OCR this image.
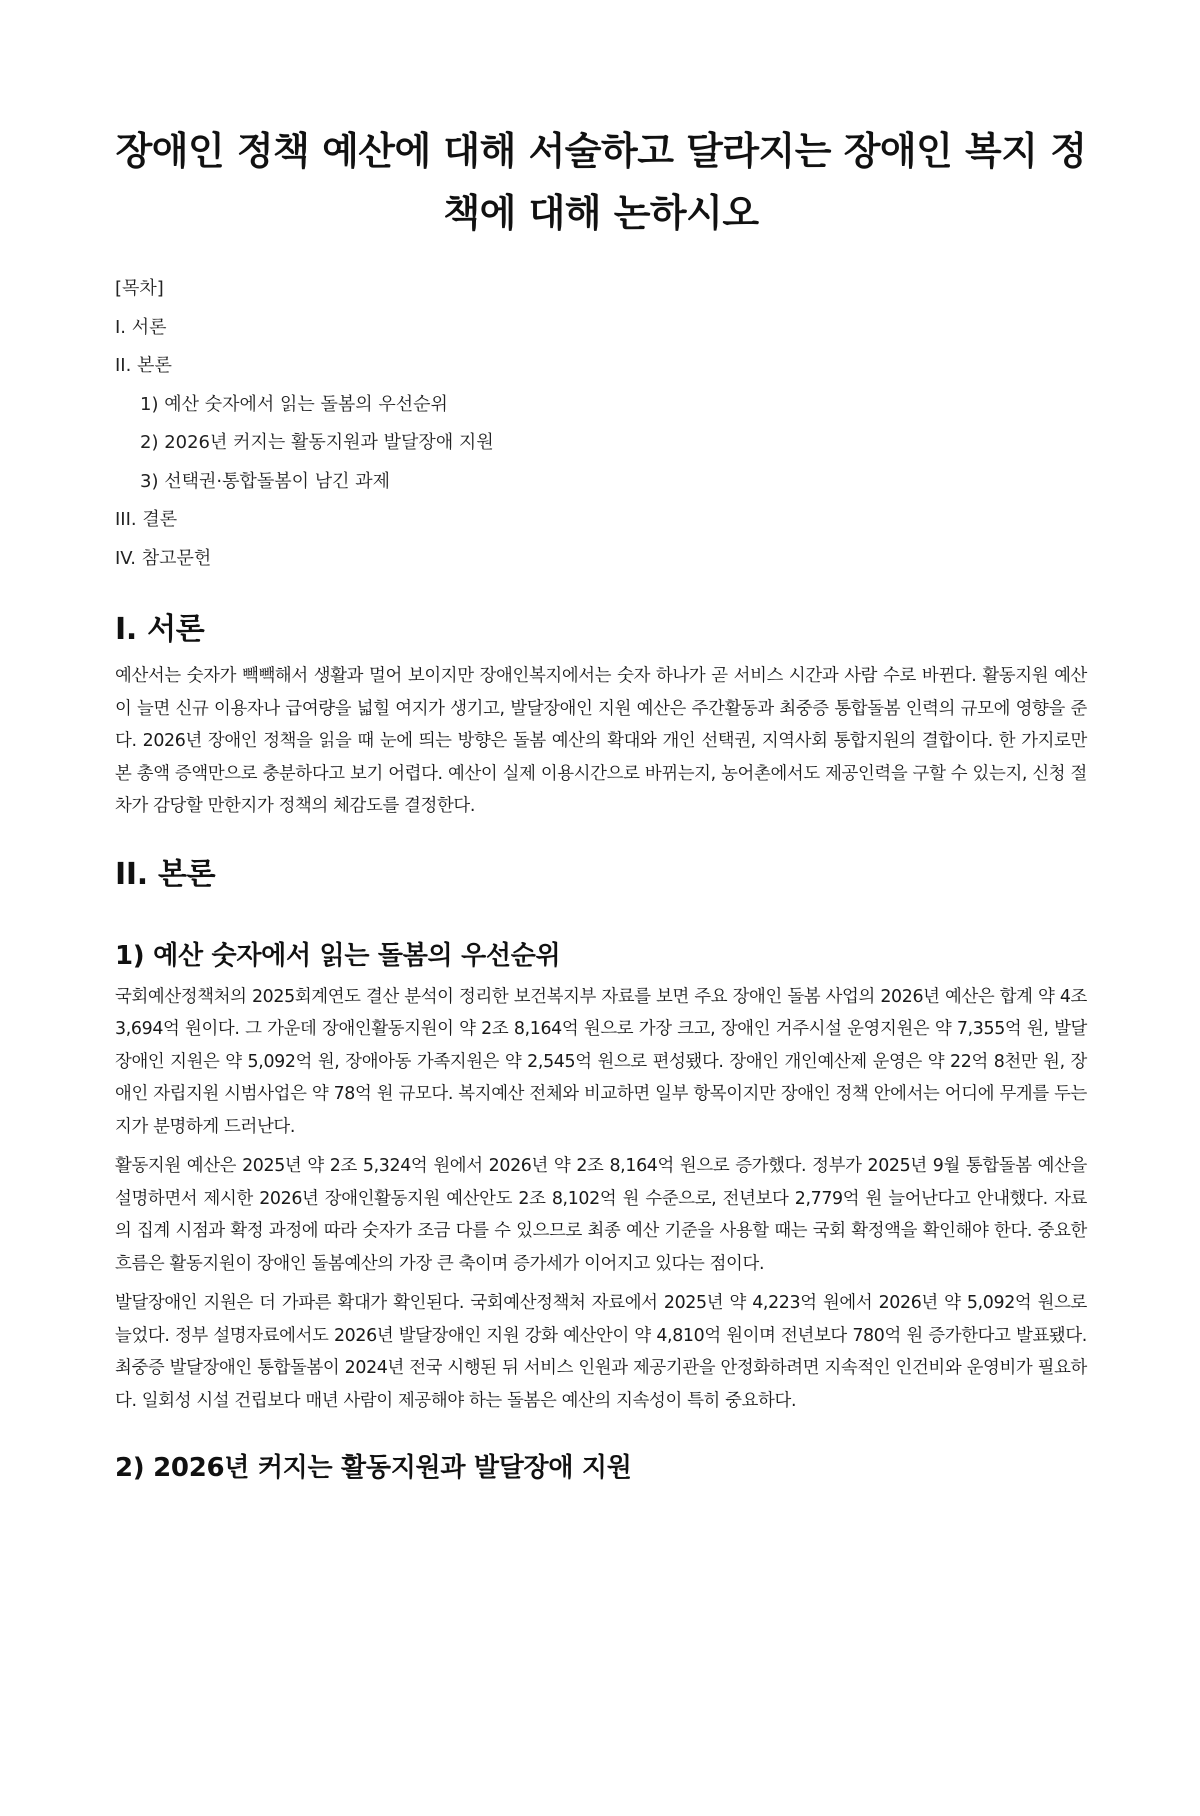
장애인 정책 예산에 대해 서술하고 달라지는 장애인 복지 정책에 대해 논하시오
[목차]
I. 서론
II. 본론
1) 예산 숫자에서 읽는 돌봄의 우선순위
2) 2026년 커지는 활동지원과 발달장애 지원
3) 선택권·통합돌봄이 남긴 과제
III. 결론
IV. 참고문헌
I. 서론

예산서는 숫자가 빽빽해서 생활과 멀어 보이지만 장애인복지에서는 숫자 하나가 곧 서비스 시간과 사람 수로 바뀐다. 활동지원 예산이 늘면 신규 이용자나 급여량을 넓힐 여지가 생기고, 발달장애인 지원 예산은 주간활동과 최중증 통합돌봄 인력의 규모에 영향을 준다. 2026년 장애인 정책을 읽을 때 눈에 띄는 방향은 돌봄 예산의 확대와 개인 선택권, 지역사회 통합지원의 결합이다. 한 가지로만 본 총액 증액만으로 충분하다고 보기 어렵다. 예산이 실제 이용시간으로 바뀌는지, 농어촌에서도 제공인력을 구할 수 있는지, 신청 절차가 감당할 만한지가 정책의 체감도를 결정한다.

II. 본론
1) 예산 숫자에서 읽는 돌봄의 우선순위

국회예산정책처의 2025회계연도 결산 분석이 정리한 보건복지부 자료를 보면 주요 장애인 돌봄 사업의 2026년 예산은 합계 약 4조 3,694억 원이다. 그 가운데 장애인활동지원이 약 2조 8,164억 원으로 가장 크고, 장애인 거주시설 운영지원은 약 7,355억 원, 발달장애인 지원은 약 5,092억 원, 장애아동 가족지원은 약 2,545억 원으로 편성됐다. 장애인 개인예산제 운영은 약 22억 8천만 원, 장애인 자립지원 시범사업은 약 78억 원 규모다. 복지예산 전체와 비교하면 일부 항목이지만 장애인 정책 안에서는 어디에 무게를 두는지가 분명하게 드러난다.

활동지원 예산은 2025년 약 2조 5,324억 원에서 2026년 약 2조 8,164억 원으로 증가했다. 정부가 2025년 9월 통합돌봄 예산을 설명하면서 제시한 2026년 장애인활동지원 예산안도 2조 8,102억 원 수준으로, 전년보다 2,779억 원 늘어난다고 안내했다. 자료의 집계 시점과 확정 과정에 따라 숫자가 조금 다를 수 있으므로 최종 예산 기준을 사용할 때는 국회 확정액을 확인해야 한다. 중요한 흐름은 활동지원이 장애인 돌봄예산의 가장 큰 축이며 증가세가 이어지고 있다는 점이다.

발달장애인 지원은 더 가파른 확대가 확인된다. 국회예산정책처 자료에서 2025년 약 4,223억 원에서 2026년 약 5,092억 원으로 늘었다. 정부 설명자료에서도 2026년 발달장애인 지원 강화 예산안이 약 4,810억 원이며 전년보다 780억 원 증가한다고 발표됐다. 최중증 발달장애인 통합돌봄이 2024년 전국 시행된 뒤 서비스 인원과 제공기관을 안정화하려면 지속적인 인건비와 운영비가 필요하다. 일회성 시설 건립보다 매년 사람이 제공해야 하는 돌봄은 예산의 지속성이 특히 중요하다.

2) 2026년 커지는 활동지원과 발달장애 지원
